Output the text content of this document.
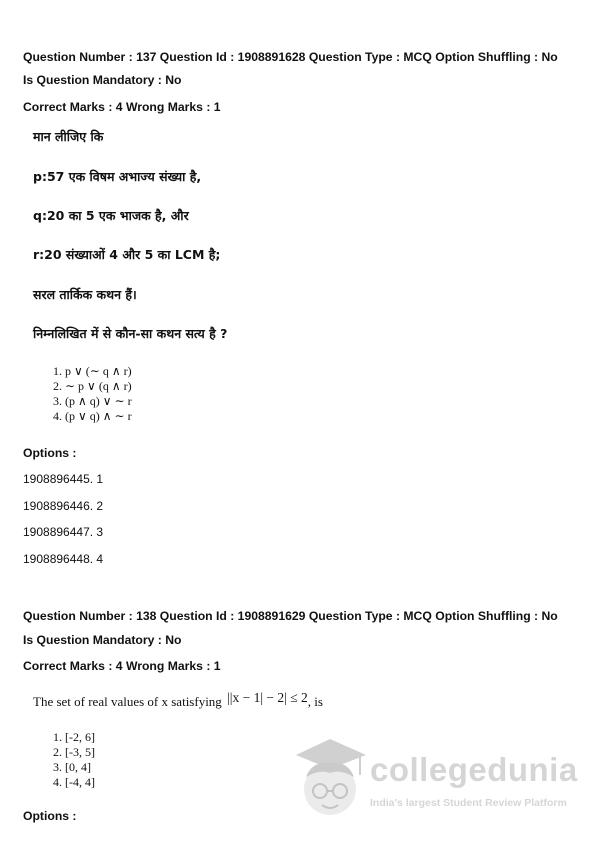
Question Number : 137 Question Id : 1908891628 Question Type : MCQ Option Shuffling : No
Is Question Mandatory : No
Correct Marks : 4 Wrong Marks : 1
मान लीजिए कि
p:57 एक विषम अभाज्य संख्या है,
q:20 का 5 एक भाजक है, और
r:20 संख्याओं 4 और 5 का LCM है;
सरल तार्किक कथन हैं।
निम्नलिखित में से कौन-सा कथन सत्य है ?
1. p ∨ (∼ q ∧ r)
2. ∼ p ∨ (q ∧ r)
3. (p ∧ q) ∨ ∼ r
4. (p ∨ q) ∧ ∼ r
Options :
1908896445. 1
1908896446. 2
1908896447. 3
1908896448. 4
Question Number : 138 Question Id : 1908891629 Question Type : MCQ Option Shuffling : No
Is Question Mandatory : No
Correct Marks : 4 Wrong Marks : 1
The set of real values of x satisfying ||x − 1| − 2| ≤ 2, is
1. [-2, 6]
2. [-3, 5]
3. [0, 4]
4. [-4, 4]
Options :
collegedunia
India's largest Student Review Platform
